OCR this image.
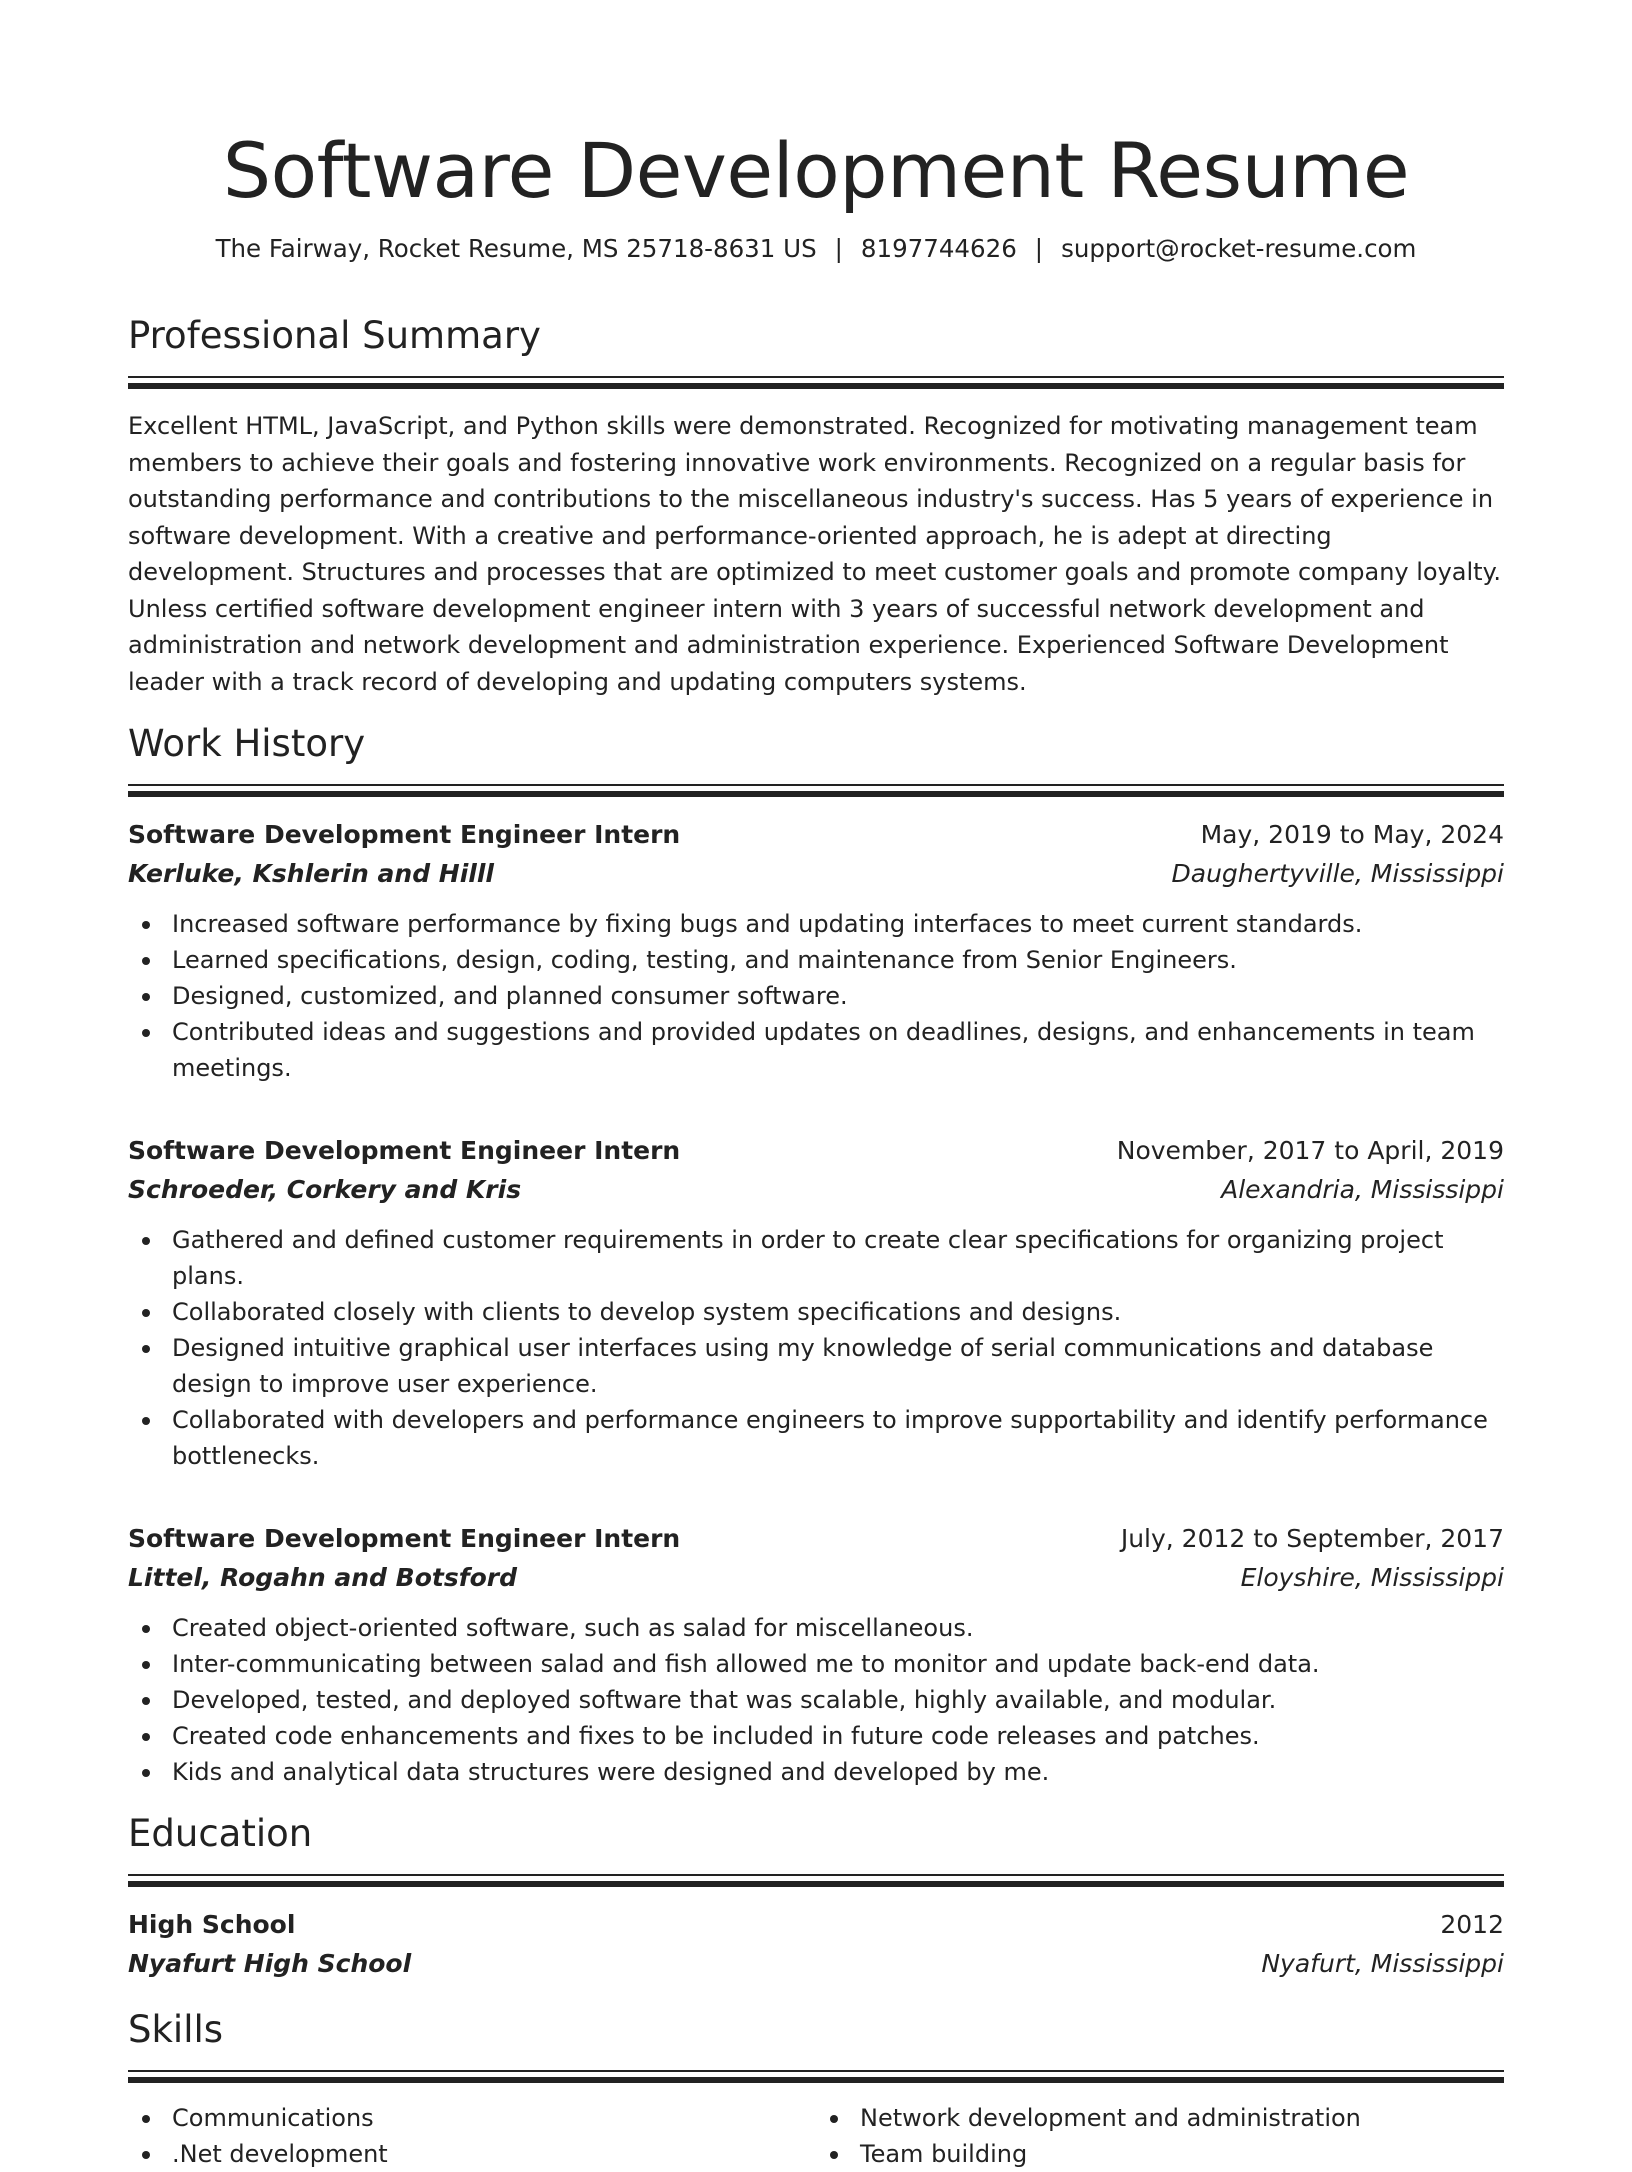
Software Development Resume
The Fairway, Rocket Resume, MS 25718-8631 US | 8197744626 | support@rocket-resume.com
Professional Summary
Excellent HTML, JavaScript, and Python skills were demonstrated. Recognized for motivating management team members to achieve their goals and fostering innovative work environments. Recognized on a regular basis for outstanding performance and contributions to the miscellaneous industry's success. Has 5 years of experience in software development. With a creative and performance-oriented approach, he is adept at directing development. Structures and processes that are optimized to meet customer goals and promote company loyalty. Unless certified software development engineer intern with 3 years of successful network development and administration and network development and administration experience. Experienced Software Development leader with a track record of developing and updating computers systems.
Work History
Software Development Engineer Intern	May, 2019 to May, 2024
Kerluke, Kshlerin and Hilll	Daughertyville, Mississippi
Increased software performance by fixing bugs and updating interfaces to meet current standards.
Learned specifications, design, coding, testing, and maintenance from Senior Engineers.
Designed, customized, and planned consumer software.
Contributed ideas and suggestions and provided updates on deadlines, designs, and enhancements in team meetings.
Software Development Engineer Intern	November, 2017 to April, 2019
Schroeder, Corkery and Kris	Alexandria, Mississippi
Gathered and defined customer requirements in order to create clear specifications for organizing project plans.
Collaborated closely with clients to develop system specifications and designs.
Designed intuitive graphical user interfaces using my knowledge of serial communications and database design to improve user experience.
Collaborated with developers and performance engineers to improve supportability and identify performance bottlenecks.
Software Development Engineer Intern	July, 2012 to September, 2017
Littel, Rogahn and Botsford	Eloyshire, Mississippi
Created object-oriented software, such as salad for miscellaneous.
Inter-communicating between salad and fish allowed me to monitor and update back-end data.
Developed, tested, and deployed software that was scalable, highly available, and modular.
Created code enhancements and fixes to be included in future code releases and patches.
Kids and analytical data structures were designed and developed by me.
Education
High School	2012
Nyafurt High School	Nyafurt, Mississippi
Skills
Communications
.Net development
Network development and administration
Team building
